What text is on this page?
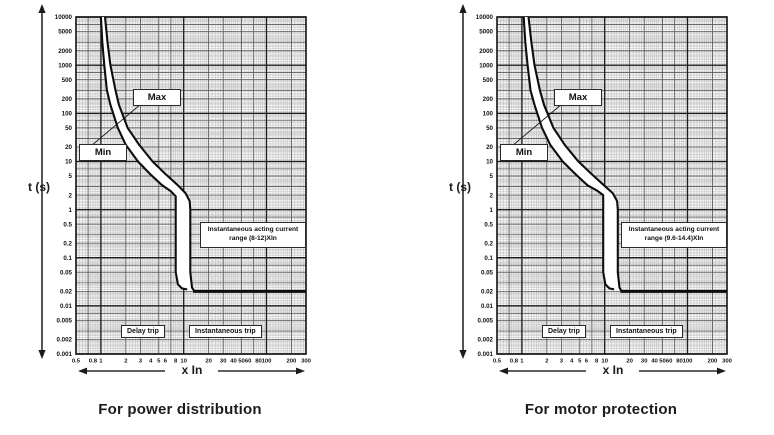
10000
5000
2000
1000
500
200
100
50
20
10
5
2
1
0.5
0.2
0.1
0.05
0.02
0.01
0.005
0.002
0.001
0.5 0.8 1	2 3 4 5 6 8 10	20 30 40 50 60 80 100	200 300
t (s)
Max
Min
Instantaneous acting current range (8-12)XIn
Delay trip	Instantaneous trip
x In
For power distribution
10000
5000
2000
1000
500
200
100
50
20
10
5
2
1
0.5
0.2
0.1
0.05
0.02
0.01
0.005
0.002
0.001
0.5 0.8 1	2 3 4 5 6 8 10	20 30 40 50 60 80 100	200 300
t (s)
Max
Min
Instantaneous acting current range (9.6-14.4)XIn
Delay trip	Instantaneous trip
x In
For motor protection
